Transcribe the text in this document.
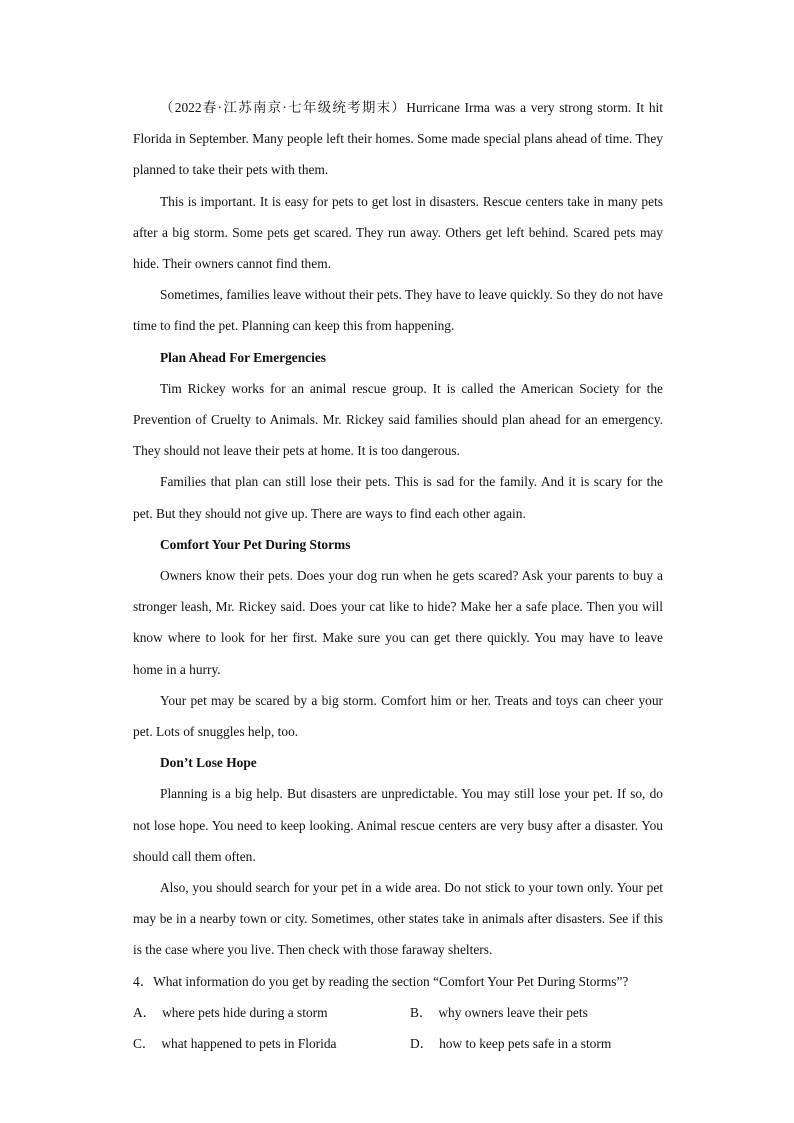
（2022春·江苏南京·七年级统考期末）Hurricane Irma was a very strong storm. It hit Florida in September. Many people left their homes. Some made special plans ahead of time. They planned to take their pets with them.

This is important. It is easy for pets to get lost in disasters. Rescue centers take in many pets after a big storm. Some pets get scared. They run away. Others get left behind. Scared pets may hide. Their owners cannot find them.

Sometimes, families leave without their pets. They have to leave quickly. So they do not have time to find the pet. Planning can keep this from happening.

Plan Ahead For Emergencies

Tim Rickey works for an animal rescue group. It is called the American Society for the Prevention of Cruelty to Animals. Mr. Rickey said families should plan ahead for an emergency. They should not leave their pets at home. It is too dangerous.

Families that plan can still lose their pets. This is sad for the family. And it is scary for the pet. But they should not give up. There are ways to find each other again.

Comfort Your Pet During Storms

Owners know their pets. Does your dog run when he gets scared? Ask your parents to buy a stronger leash, Mr. Rickey said. Does your cat like to hide? Make her a safe place. Then you will know where to look for her first. Make sure you can get there quickly. You may have to leave home in a hurry.

Your pet may be scared by a big storm. Comfort him or her. Treats and toys can cheer your pet. Lots of snuggles help, too.

Don’t Lose Hope

Planning is a big help. But disasters are unpredictable. You may still lose your pet. If so, do not lose hope. You need to keep looking. Animal rescue centers are very busy after a disaster. You should call them often.

Also, you should search for your pet in a wide area. Do not stick to your town only. Your pet may be in a nearby town or city. Sometimes, other states take in animals after disasters. See if this is the case where you live. Then check with those faraway shelters.

4．What information do you get by reading the section “Comfort Your Pet During Storms”?

A． where pets hide during a storm	B． why owners leave their pets
C． what happened to pets in Florida	D． how to keep pets safe in a storm
